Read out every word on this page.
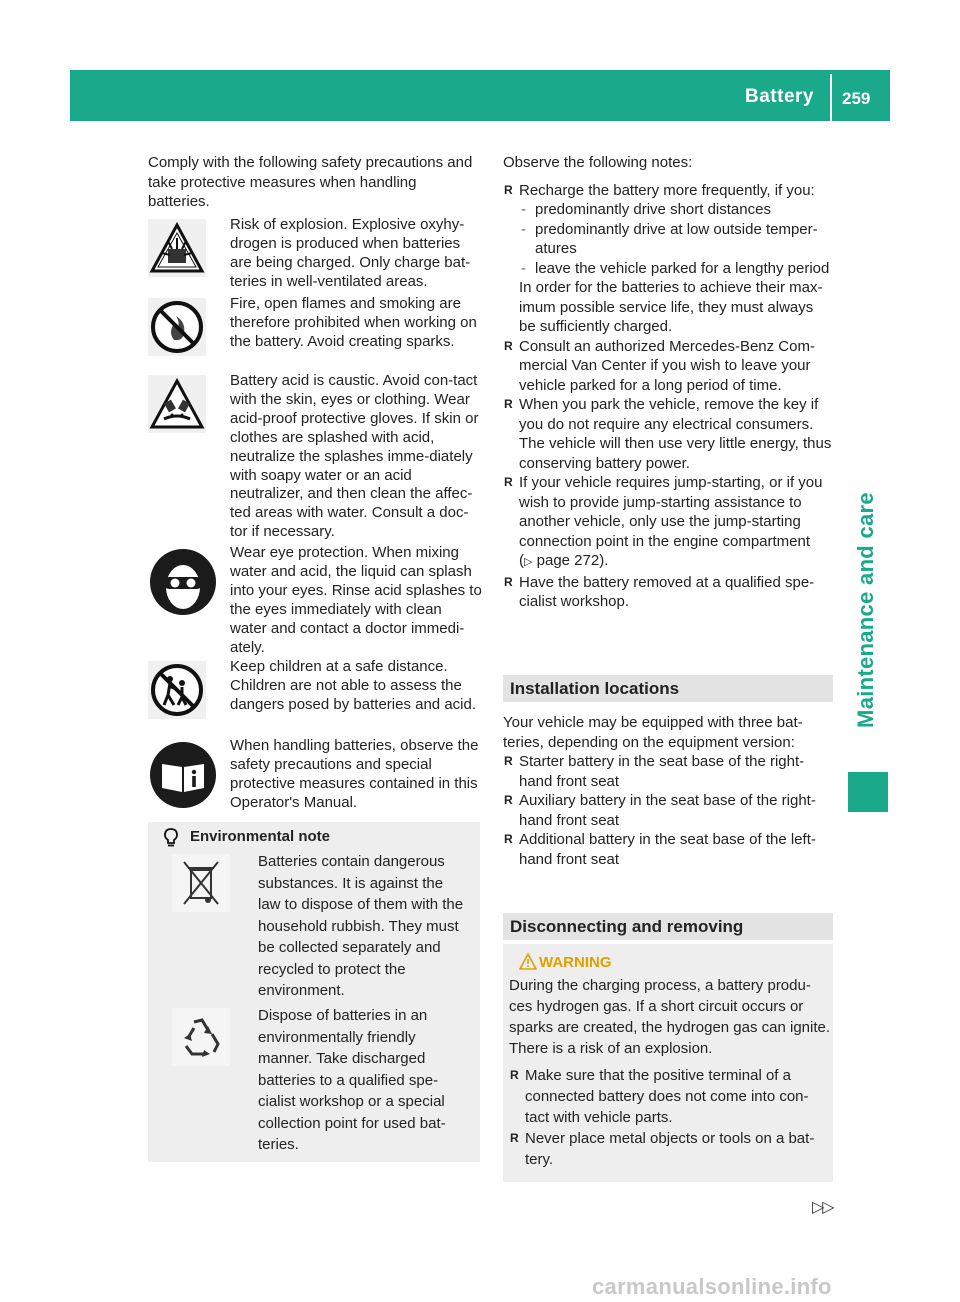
Battery 259
Maintenance and care
Comply with the following safety precautions and take protective measures when handling batteries.
Risk of explosion. Explosive oxyhy-drogen is produced when batteries are being charged. Only charge bat-teries in well-ventilated areas.
Fire, open flames and smoking are therefore prohibited when working on the battery. Avoid creating sparks.
Battery acid is caustic. Avoid con-tact with the skin, eyes or clothing. Wear acid-proof protective gloves. If skin or clothes are splashed with acid, neutralize the splashes imme-diately with soapy water or an acid neutralizer, and then clean the affec-ted areas with water. Consult a doc-tor if necessary.
Wear eye protection. When mixing water and acid, the liquid can splash into your eyes. Rinse acid splashes to the eyes immediately with clean water and contact a doctor immedi-ately.
Keep children at a safe distance. Children are not able to assess the dangers posed by batteries and acid.
When handling batteries, observe the safety precautions and special protective measures contained in this Operator's Manual.
Environmental note
Batteries contain dangerous substances. It is against the law to dispose of them with the household rubbish. They must be collected separately and recycled to protect the environment.
Dispose of batteries in an environmentally friendly manner. Take discharged batteries to a qualified spe-cialist workshop or a special collection point for used bat-teries.
Observe the following notes:
R Recharge the battery more frequently, if you:
- predominantly drive short distances
- predominantly drive at low outside temper-atures
- leave the vehicle parked for a lengthy period
In order for the batteries to achieve their max-imum possible service life, they must always be sufficiently charged.
R Consult an authorized Mercedes-Benz Com-mercial Van Center if you wish to leave your vehicle parked for a long period of time.
R When you park the vehicle, remove the key if you do not require any electrical consumers. The vehicle will then use very little energy, thus conserving battery power.
R If your vehicle requires jump-starting, or if you wish to provide jump-starting assistance to another vehicle, only use the jump-starting connection point in the engine compartment (▷ page 272).
R Have the battery removed at a qualified spe-cialist workshop.
Installation locations
Your vehicle may be equipped with three bat-teries, depending on the equipment version:
R Starter battery in the seat base of the right-hand front seat
R Auxiliary battery in the seat base of the right-hand front seat
R Additional battery in the seat base of the left-hand front seat
Disconnecting and removing
WARNING
During the charging process, a battery produ-ces hydrogen gas. If a short circuit occurs or sparks are created, the hydrogen gas can ignite. There is a risk of an explosion.
R Make sure that the positive terminal of a connected battery does not come into con-tact with vehicle parts.
R Never place metal objects or tools on a bat-tery.
▷▷
carmanualsonline.info
